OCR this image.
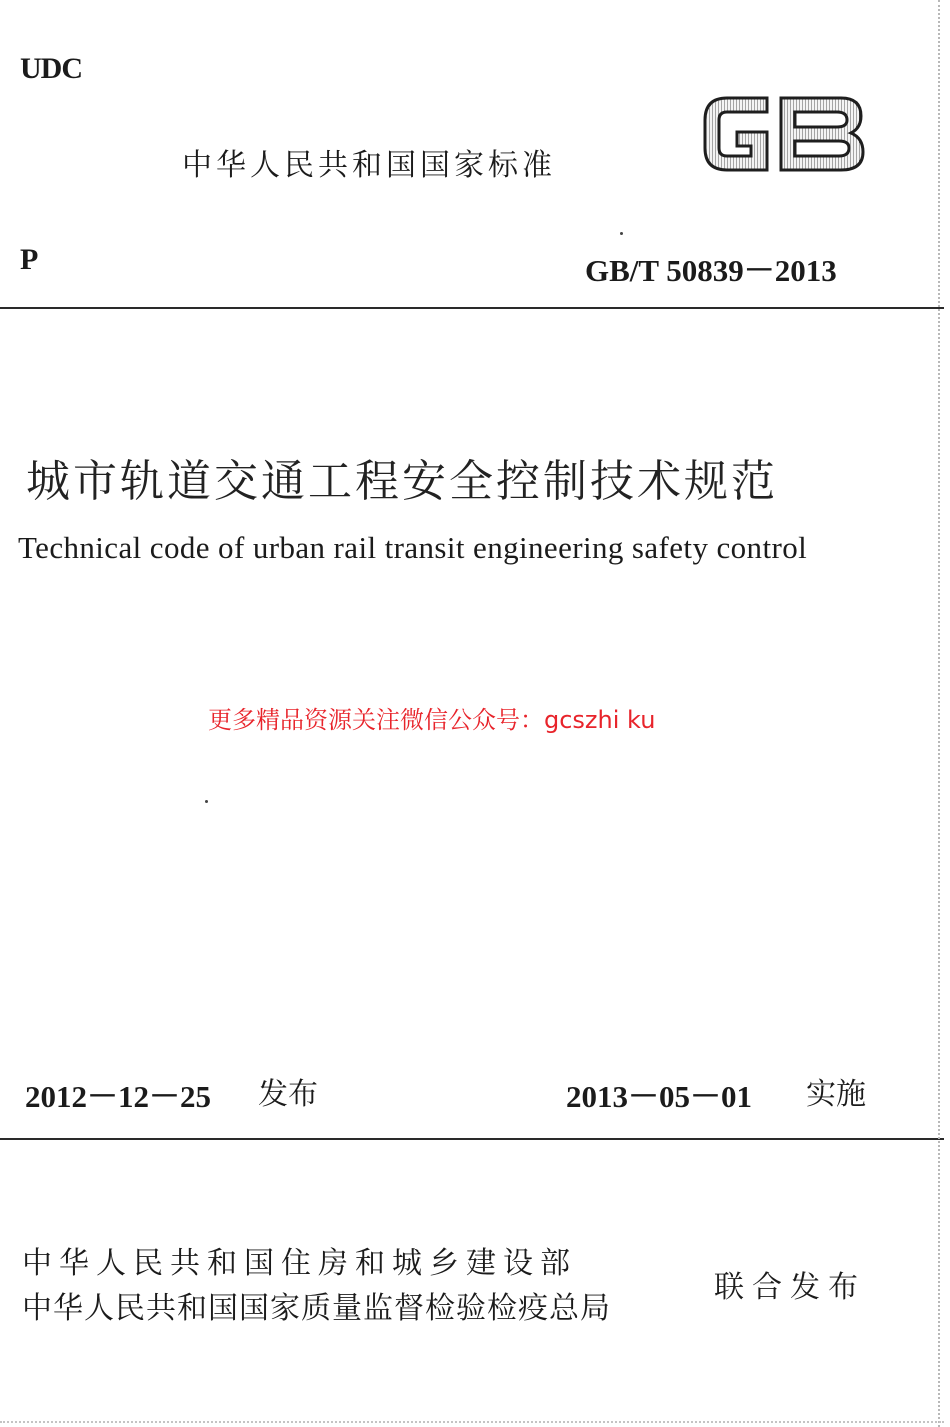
UDC
中华人民共和国国家标准
P	GB/T 50839－2013
城市轨道交通工程安全控制技术规范
Technical code of urban rail transit engineering safety control
更多精品资源关注微信公众号：gcszhi ku
2012－12－25 发布	2013－05－01 实施
中华人民共和国住房和城乡建设部
中华人民共和国国家质量监督检验检疫总局
联合发布
